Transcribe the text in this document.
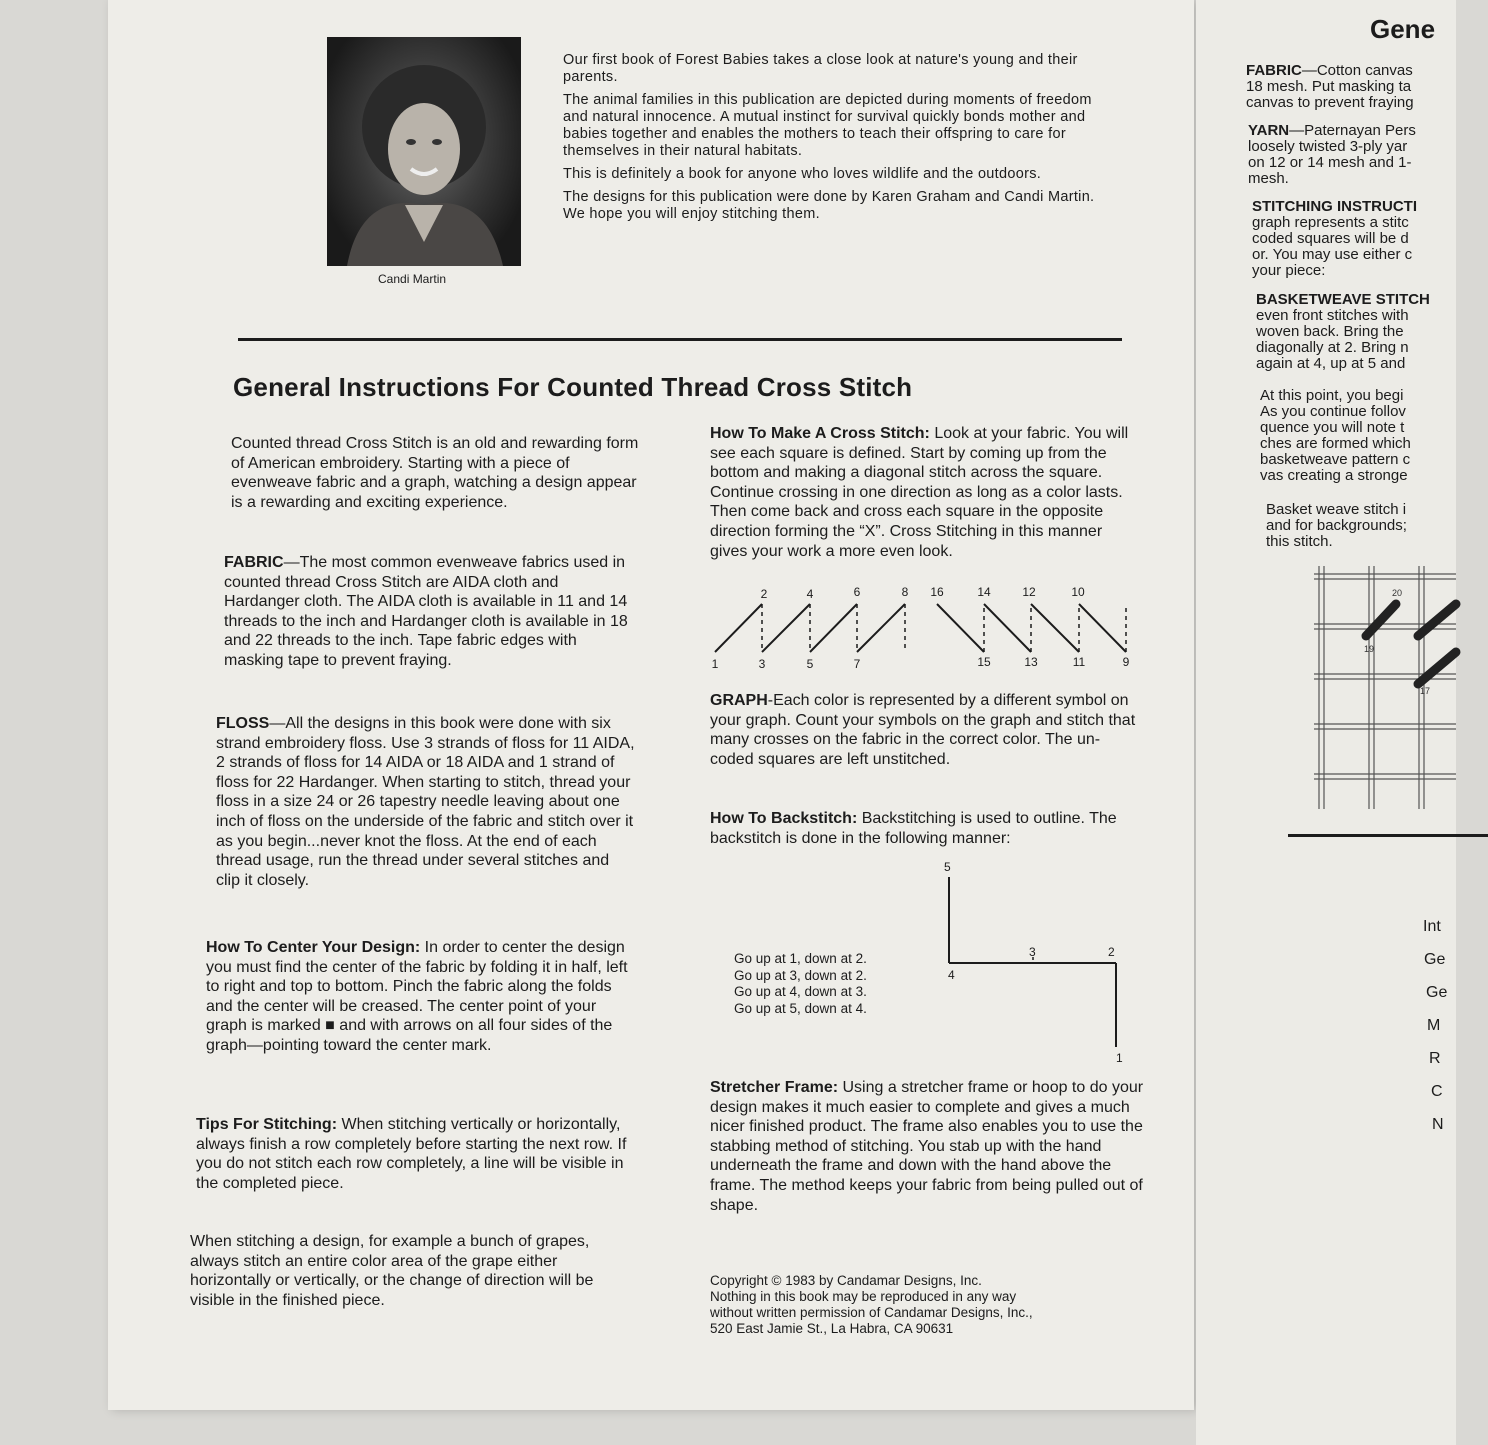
Candi Martin

Our first book of Forest Babies takes a close look at nature's young and their parents.

The animal families in this publication are depicted during moments of freedom and natural innocence. A mutual instinct for survival quickly bonds mother and babies together and enables the mothers to teach their offspring to care for themselves in their natural habitats.

This is definitely a book for anyone who loves wildlife and the outdoors.

The designs for this publication were done by Karen Graham and Candi Martin. We hope you will enjoy stitching them.

General Instructions For Counted Thread Cross Stitch

Counted thread Cross Stitch is an old and rewarding form of American embroidery. Starting with a piece of evenweave fabric and a graph, watching a design appear is a rewarding and exciting experience.

FABRIC—The most common evenweave fabrics used in counted thread Cross Stitch are AIDA cloth and Hardanger cloth. The AIDA cloth is available in 11 and 14 threads to the inch and Hardanger cloth is available in 18 and 22 threads to the inch. Tape fabric edges with masking tape to prevent fraying.

FLOSS—All the designs in this book were done with six strand embroidery floss. Use 3 strands of floss for 11 AIDA, 2 strands of floss for 14 AIDA or 18 AIDA and 1 strand of floss for 22 Hardanger. When starting to stitch, thread your floss in a size 24 or 26 tapestry needle leaving about one inch of floss on the underside of the fabric and stitch over it as you begin...never knot the floss. At the end of each thread usage, run the thread under several stitches and clip it closely.

How To Center Your Design: In order to center the design you must find the center of the fabric by folding it in half, left to right and top to bottom. Pinch the fabric along the folds and the center will be creased. The center point of your graph is marked ■ and with arrows on all four sides of the graph—pointing toward the center mark.

Tips For Stitching: When stitching vertically or horizontally, always finish a row completely before starting the next row. If you do not stitch each row completely, a line will be visible in the completed piece.

When stitching a design, for example a bunch of grapes, always stitch an entire color area of the grape either horizontally or vertically, or the change of direction will be visible in the finished piece.

How To Make A Cross Stitch: Look at your fabric. You will see each square is defined. Start by coming up from the bottom and making a diagonal stitch across the square. Continue crossing in one direction as long as a color lasts. Then come back and cross each square in the opposite direction forming the “X”. Cross Stitching in this manner gives your work a more even look.

2	4	6	8 16	14	12	10
1	3	5	7	15	13	11	9

GRAPH-Each color is represented by a different symbol on your graph. Count your symbols on the graph and stitch that many crosses on the fabric in the correct color. The un-coded squares are left unstitched.

How To Backstitch: Backstitching is used to outline. The backstitch is done in the following manner:

Go up at 1, down at 2.
Go up at 3, down at 2.
Go up at 4, down at 3.
Go up at 5, down at 4.
5
3	2
4
1

Stretcher Frame: Using a stretcher frame or hoop to do your design makes it much easier to complete and gives a much nicer finished product. The frame also enables you to use the stabbing method of stitching. You stab up with the hand underneath the frame and down with the hand above the frame. The method keeps your fabric from being pulled out of shape.

Copyright © 1983 by Candamar Designs, Inc.
Nothing in this book may be reproduced in any way
without written permission of Candamar Designs, Inc.,
520 East Jamie St., La Habra, CA 90631
Gene

FABRIC—Cotton canvas

18 mesh. Put masking ta

canvas to prevent fraying

YARN—Paternayan Pers

loosely twisted 3-ply yar

on 12 or 14 mesh and 1-

mesh.

STITCHING INSTRUCTI

graph represents a stitc

coded squares will be d

or. You may use either c

your piece:

BASKETWEAVE STITCH

even front stitches with

woven back. Bring the

diagonally at 2. Bring n

again at 4, up at 5 and

At this point, you begi

As you continue follov

quence you will note t

ches are formed which

basketweave pattern c

vas creating a stronge

Basket weave stitch i

and for backgrounds;

this stitch.

20
19
17
Int
Ge
Ge
M
R
C
N
